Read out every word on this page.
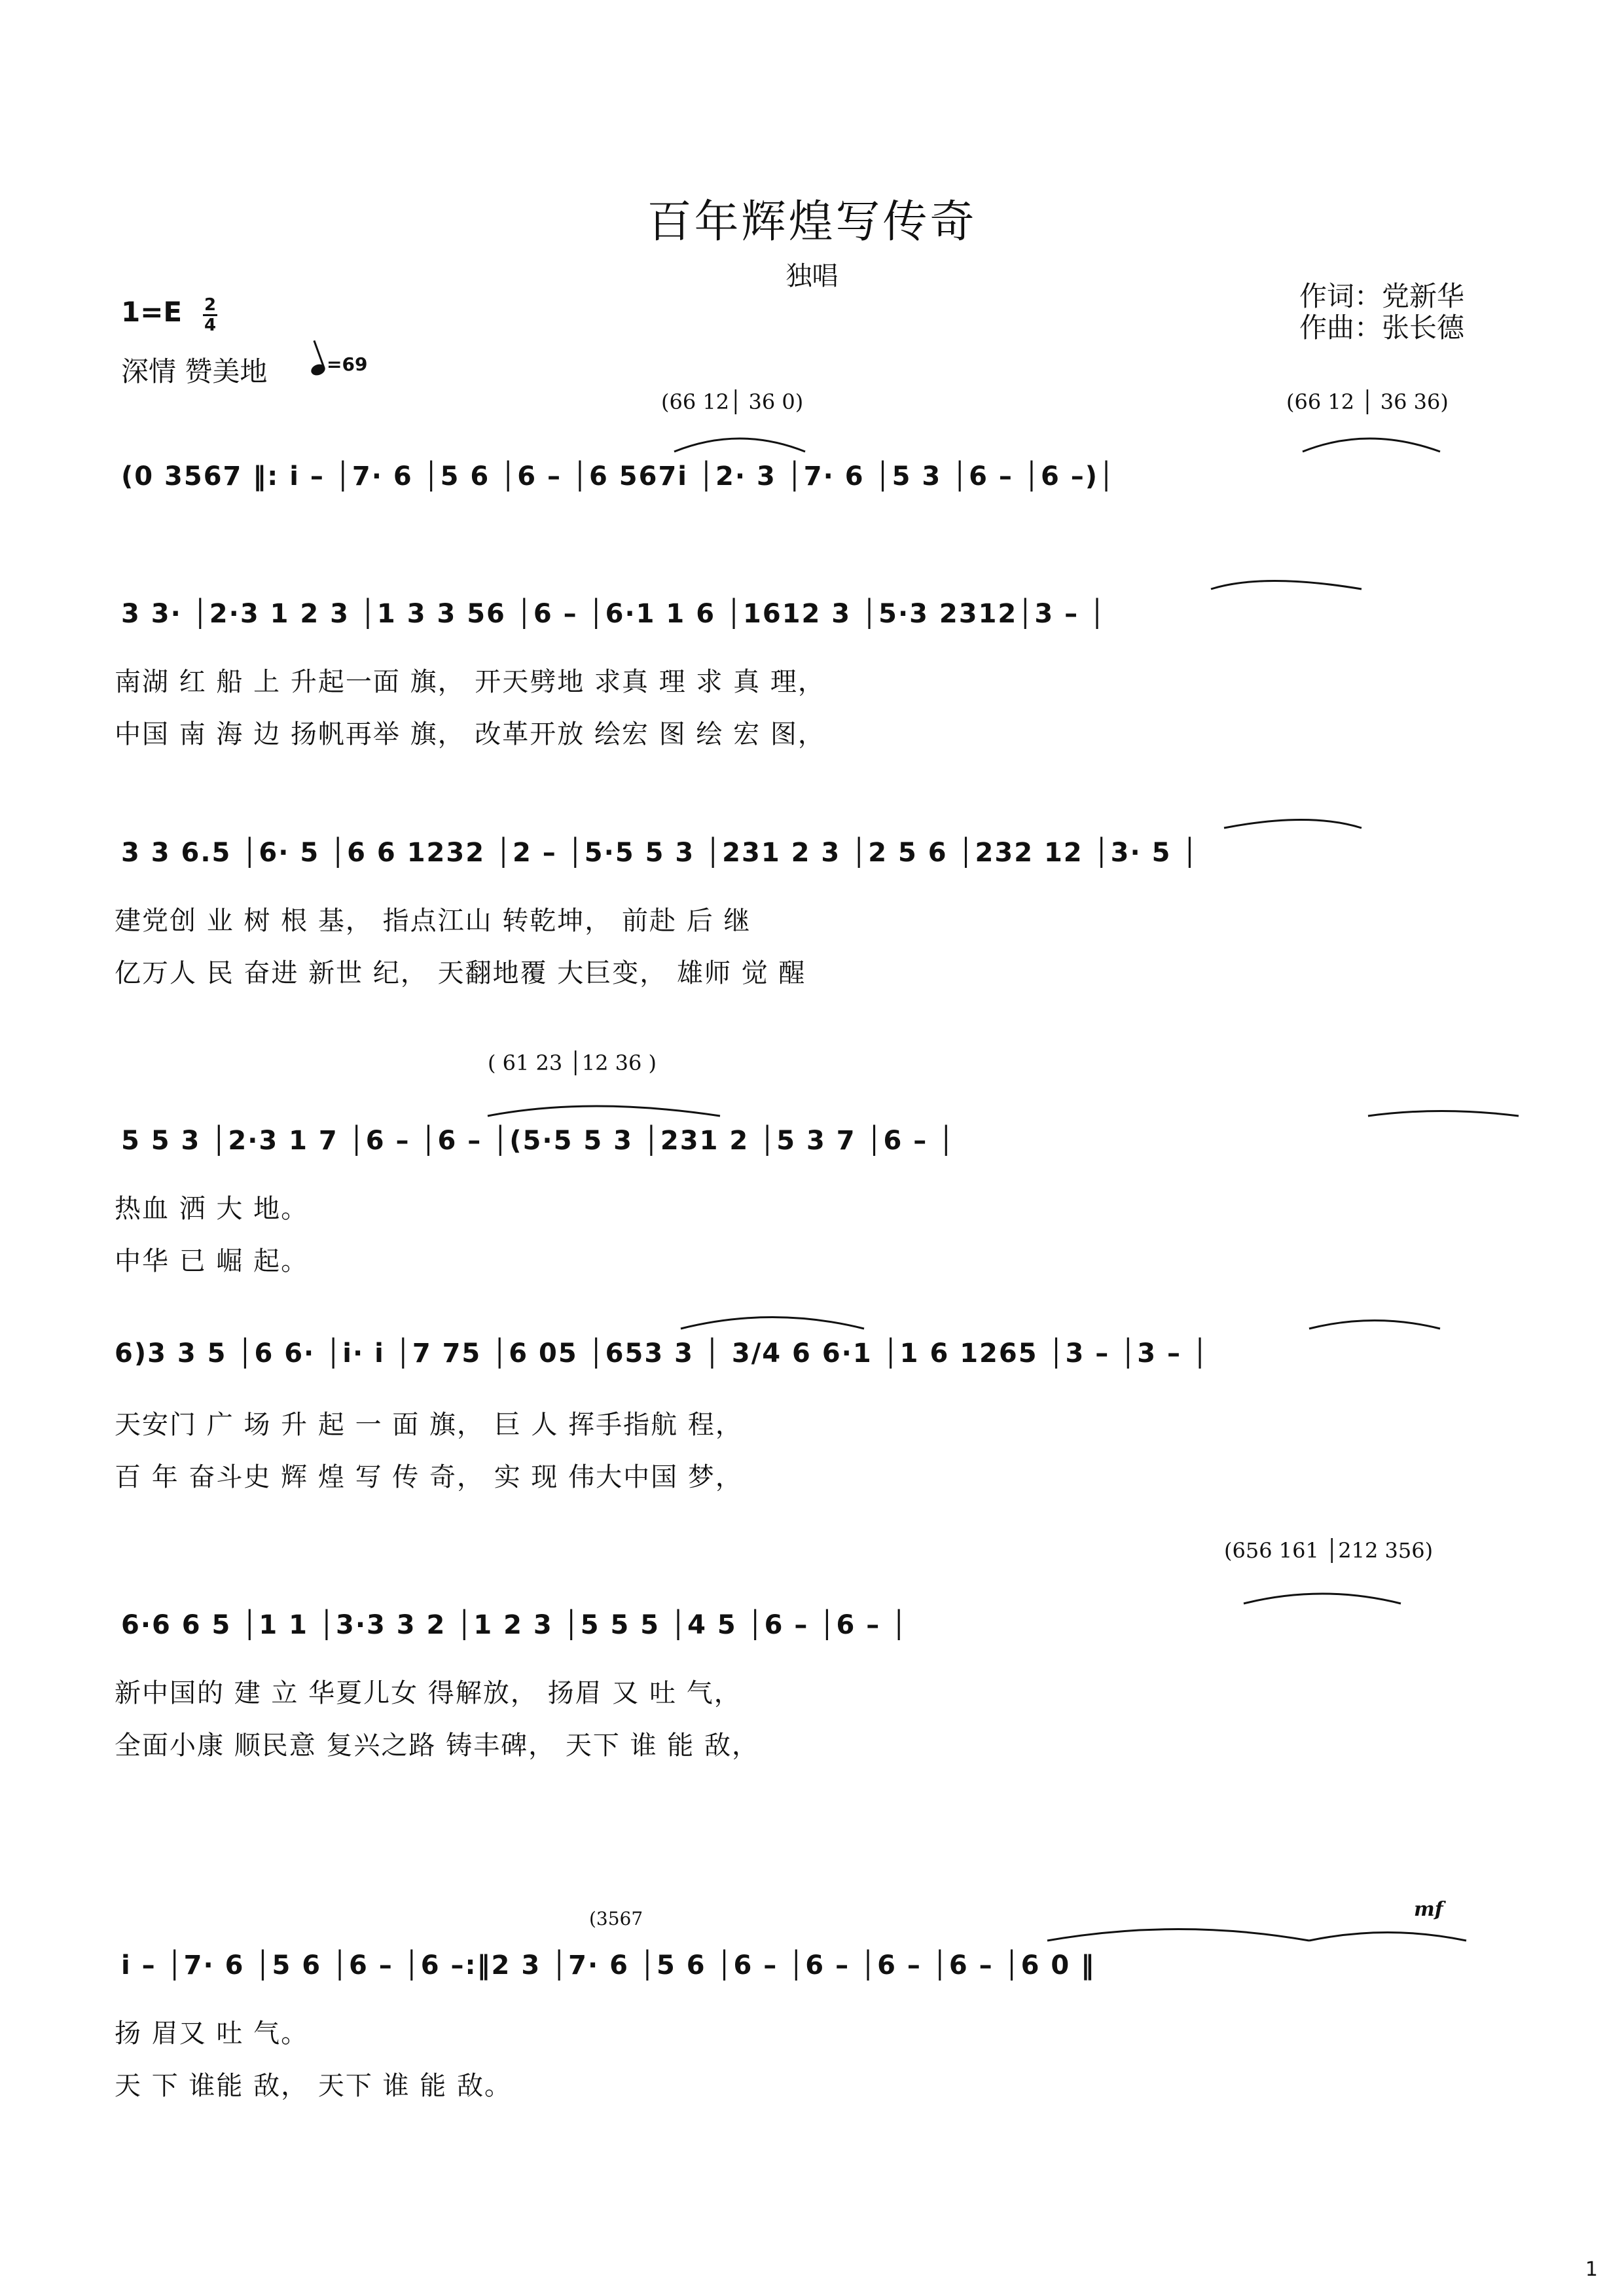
百年辉煌写传奇
独唱
作词：党新华
作曲：张长德
1=E 2
4
深情 赞美地	=69
(66 12│ 36 0)	(66 12 │ 36 36)
(0 3567 ‖: i – │7· 6 │5 6 │6 – │6 567i │2· 3 │7· 6 │5 3 │6 – │6 –)│
3 3· │2·3 1 2 3 │1 3 3 56 │6 – │6·1 1 6 │1612 3 │5·3 2312│3 – │
南湖 红 船 上 升起一面 旗， 开天劈地 求真 理 求 真 理，
中国 南 海 边 扬帆再举 旗， 改革开放 绘宏 图 绘 宏 图，
3 3 6.5 │6· 5 │6 6 1232 │2 – │5·5 5 3 │231 2 3 │2 5 6 │232 12 │3· 5 │
建党创 业 树 根 基， 指点江山 转乾坤， 前赴 后 继
亿万人 民 奋进 新世 纪， 天翻地覆 大巨变， 雄师 觉 醒
( 61 23 │12 36 )
5 5 3 │2·3 1 7 │6 – │6 – │(5·5 5 3 │231 2 │5 3 7 │6 – │
热血 洒 大 地。
中华 已 崛 起。
6)3 3 5 │6 6· │i· i │7 75 │6 05 │653 3 │ 3/4 6 6·1 │1 6 1265 │3 – │3 – │
天安门 广 场 升 起 一 面 旗， 巨 人 挥手指航 程，
百 年 奋斗史 辉 煌 写 传 奇， 实 现 伟大中国 梦，
(656 161 │212 356)
6·6 6 5 │1 1 │3·3 3 2 │1 2 3 │5 5 5 │4 5 │6 – │6 – │
新中国的 建 立 华夏儿女 得解放， 扬眉 又 吐 气，
全面小康 顺民意 复兴之路 铸丰碑， 天下 谁 能 敌，
(3567	mf
i – │7· 6 │5 6 │6 – │6 –:‖2 3 │7· 6 │5 6 │6 – │6 – │6 – │6 – │6 0 ‖
扬 眉又 吐 气。
天 下 谁能 敌， 天下 谁 能 敌。
1
